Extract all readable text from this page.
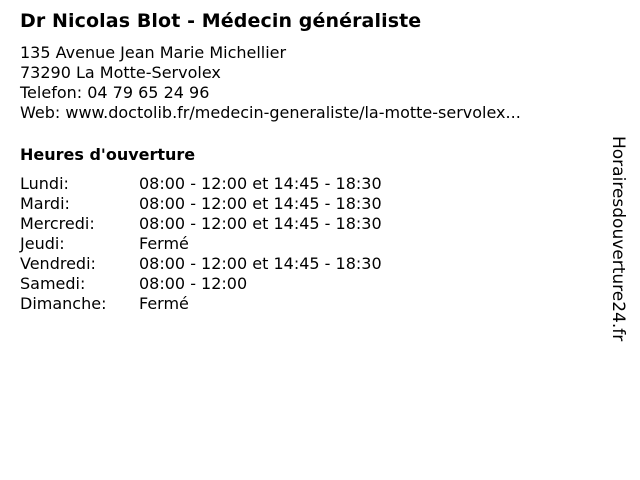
Dr Nicolas Blot - Médecin généraliste
135 Avenue Jean Marie Michellier
73290 La Motte-Servolex
Telefon: 04 79 65 24 96
Web: www.doctolib.fr/medecin-generaliste/la-motte-servolex...
Heures d'ouverture
Lundi:	08:00 - 12:00 et 14:45 - 18:30
Mardi:	08:00 - 12:00 et 14:45 - 18:30
Mercredi:	08:00 - 12:00 et 14:45 - 18:30
Jeudi:	Fermé
Vendredi:	08:00 - 12:00 et 14:45 - 18:30
Samedi:	08:00 - 12:00
Dimanche: Fermé	Horairesdouverture24.fr
